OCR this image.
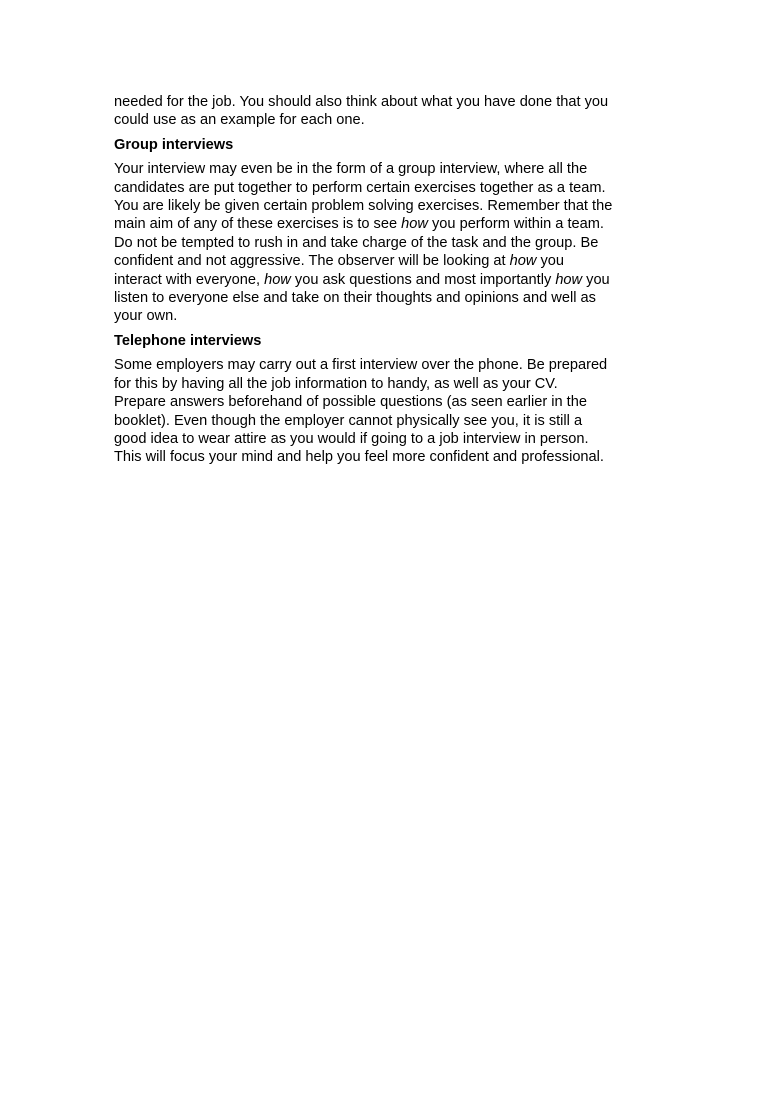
needed for the job. You should also think about what you have done that you
could use as an example for each one.

Group interviews

Your interview may even be in the form of a group interview, where all the
candidates are put together to perform certain exercises together as a team.
You are likely be given certain problem solving exercises. Remember that the
main aim of any of these exercises is to see how you perform within a team.
Do not be tempted to rush in and take charge of the task and the group. Be
confident and not aggressive. The observer will be looking at how you
interact with everyone, how you ask questions and most importantly how you
listen to everyone else and take on their thoughts and opinions and well as
your own.

Telephone interviews

Some employers may carry out a first interview over the phone. Be prepared
for this by having all the job information to handy, as well as your CV.
Prepare answers beforehand of possible questions (as seen earlier in the
booklet). Even though the employer cannot physically see you, it is still a
good idea to wear attire as you would if going to a job interview in person.
This will focus your mind and help you feel more confident and professional.
